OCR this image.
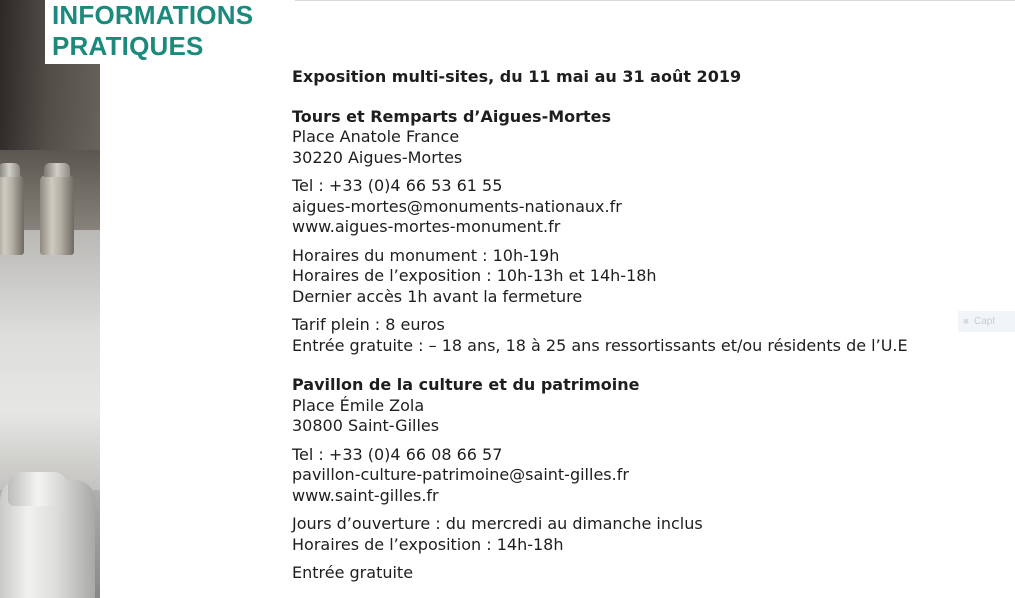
INFORMATIONS
PRATIQUES

Exposition multi-sites, du 11 mai au 31 août 2019

Tours et Remparts d’Aigues-Mortes

Place Anatole France

30220 Aigues-Mortes

Tel : +33 (0)4 66 53 61 55

aigues-mortes@monuments-nationaux.fr

www.aigues-mortes-monument.fr

Horaires du monument : 10h-19h

Horaires de l’exposition : 10h-13h et 14h-18h

Dernier accès 1h avant la fermeture

Tarif plein : 8 euros

Entrée gratuite : – 18 ans, 18 à 25 ans ressortissants et/ou résidents de l’U.E

Pavillon de la culture et du patrimoine

Place Émile Zola

30800 Saint-Gilles

Tel : +33 (0)4 66 08 66 57

pavillon-culture-patrimoine@saint-gilles.fr

www.saint-gilles.fr

Jours d’ouverture : du mercredi au dimanche inclus

Horaires de l’exposition : 14h-18h

Entrée gratuite

■ Capt
